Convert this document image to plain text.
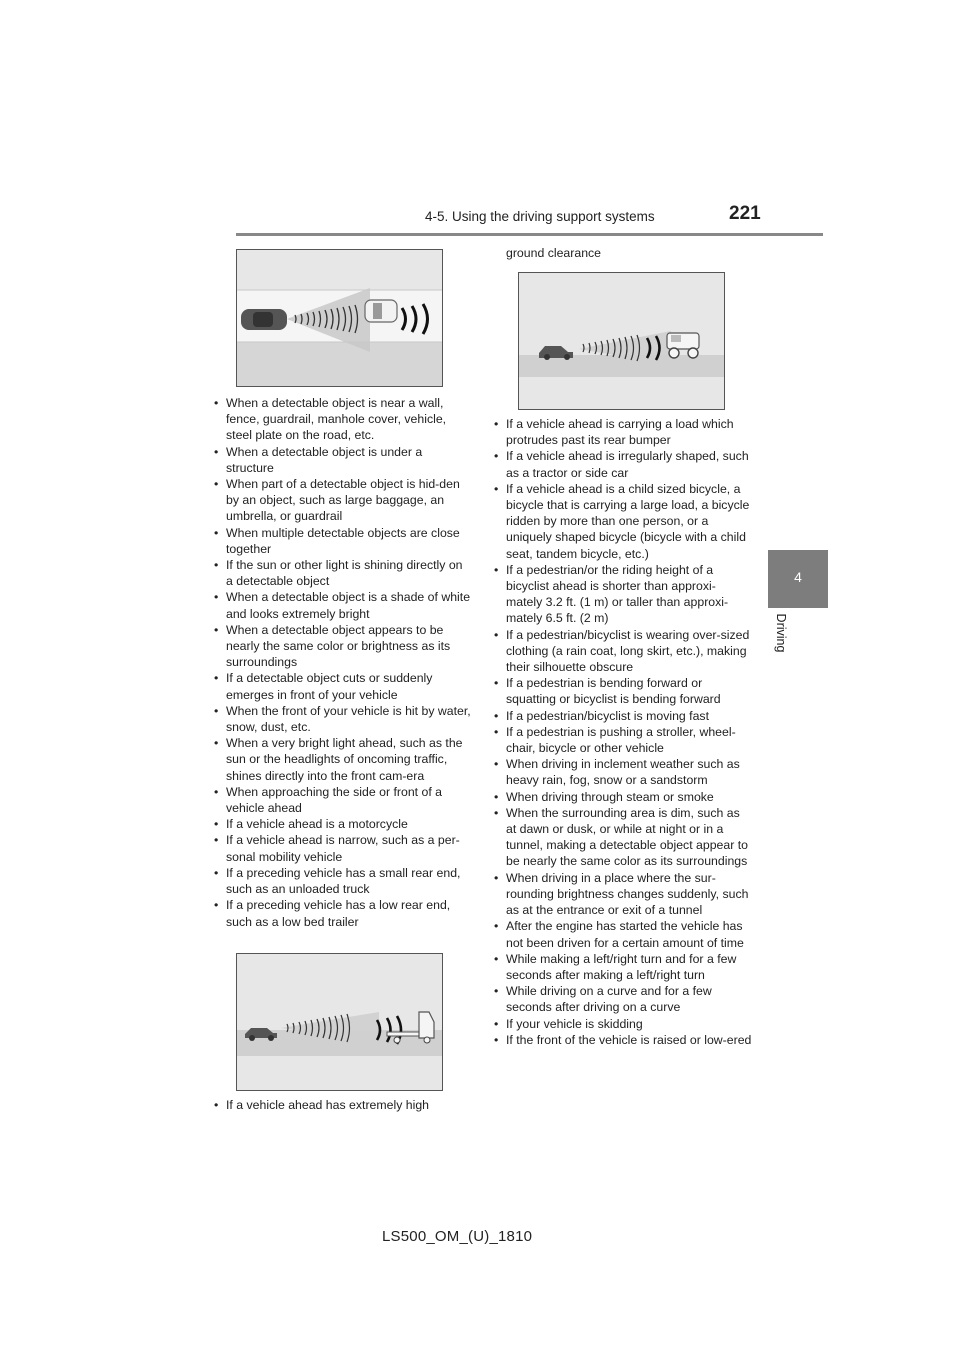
4-5. Using the driving support systems	221
4
Driving
• When a detectable object is near a wall, fence, guardrail, manhole cover, vehicle, steel plate on the road, etc.
• When a detectable object is under a structure
• When part of a detectable object is hid-den by an object, such as large baggage, an umbrella, or guardrail
• When multiple detectable objects are close together
• If the sun or other light is shining directly on a detectable object
• When a detectable object is a shade of white and looks extremely bright
• When a detectable object appears to be nearly the same color or brightness as its surroundings
• If a detectable object cuts or suddenly emerges in front of your vehicle
• When the front of your vehicle is hit by water, snow, dust, etc.
• When a very bright light ahead, such as the sun or the headlights of oncoming traffic, shines directly into the front cam-era
• When approaching the side or front of a vehicle ahead
• If a vehicle ahead is a motorcycle
• If a vehicle ahead is narrow, such as a per-sonal mobility vehicle
• If a preceding vehicle has a small rear end, such as an unloaded truck
• If a preceding vehicle has a low rear end, such as a low bed trailer
• If a vehicle ahead has extremely high
ground clearance
• If a vehicle ahead is carrying a load which protrudes past its rear bumper
• If a vehicle ahead is irregularly shaped, such as a tractor or side car
• If a vehicle ahead is a child sized bicycle, a bicycle that is carrying a large load, a bicycle ridden by more than one person, or a uniquely shaped bicycle (bicycle with a child seat, tandem bicycle, etc.)
• If a pedestrian/or the riding height of a bicyclist ahead is shorter than approxi-mately 3.2 ft. (1 m) or taller than approxi-mately 6.5 ft. (2 m)
• If a pedestrian/bicyclist is wearing over-sized clothing (a rain coat, long skirt, etc.), making their silhouette obscure
• If a pedestrian is bending forward or squatting or bicyclist is bending forward
• If a pedestrian/bicyclist is moving fast
• If a pedestrian is pushing a stroller, wheel-chair, bicycle or other vehicle
• When driving in inclement weather such as heavy rain, fog, snow or a sandstorm
• When driving through steam or smoke
• When the surrounding area is dim, such as at dawn or dusk, or while at night or in a tunnel, making a detectable object appear to be nearly the same color as its surroundings
• When driving in a place where the sur-rounding brightness changes suddenly, such as at the entrance or exit of a tunnel
• After the engine has started the vehicle has not been driven for a certain amount of time
• While making a left/right turn and for a few seconds after making a left/right turn
• While driving on a curve and for a few seconds after driving on a curve
• If your vehicle is skidding
• If the front of the vehicle is raised or low-ered
LS500_OM_(U)_1810
